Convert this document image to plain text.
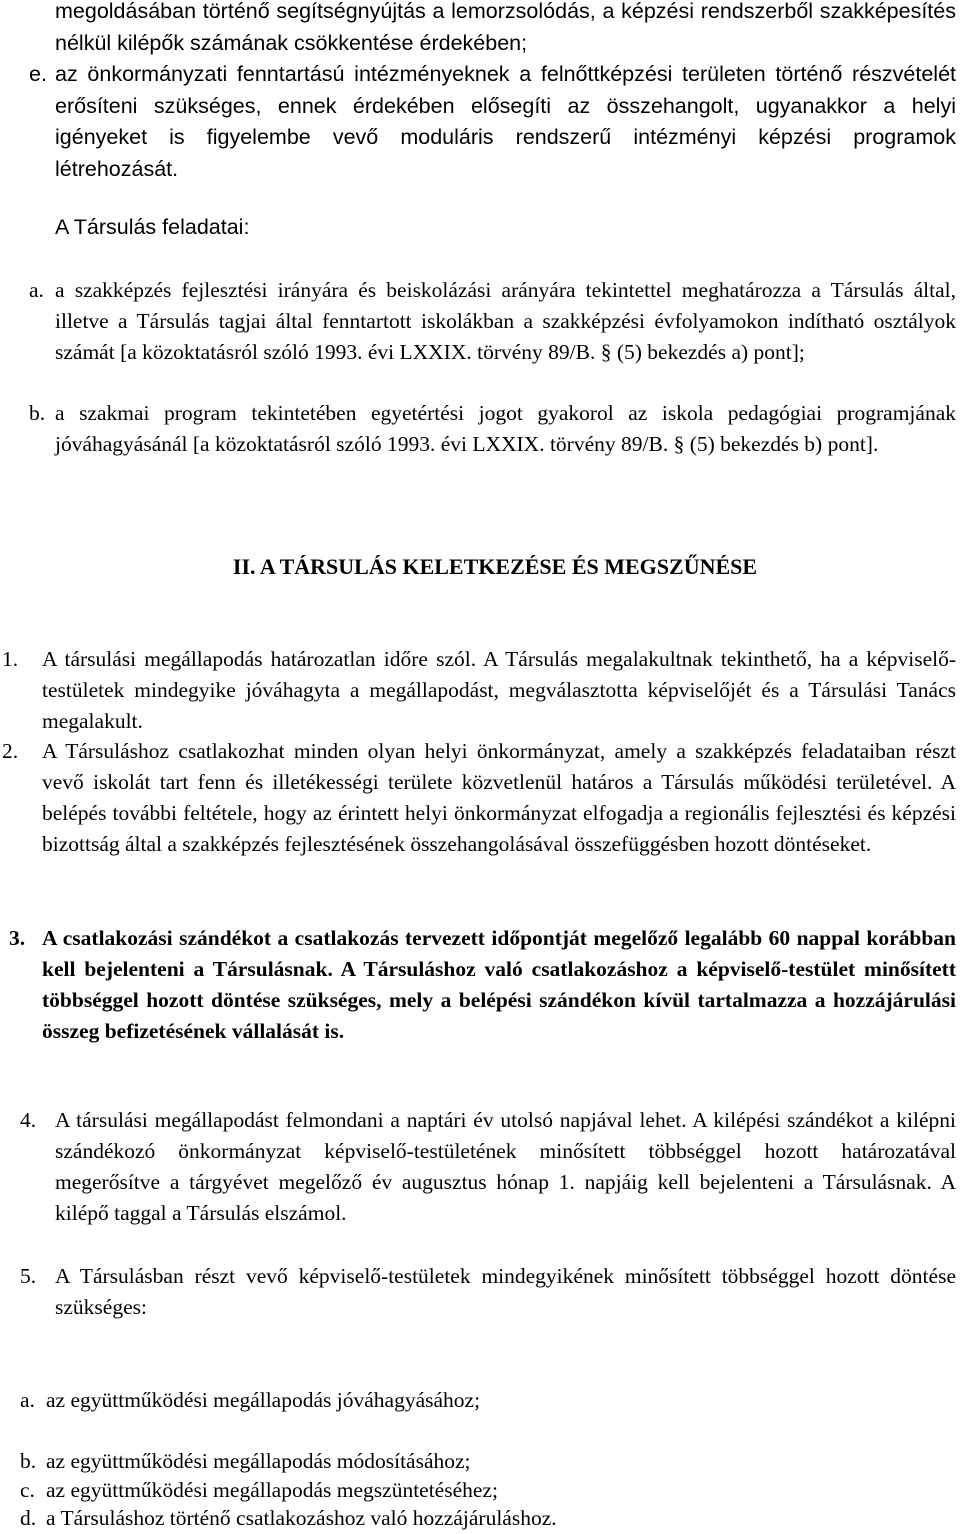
megoldásában történő segítségnyújtás a lemorzsolódás, a képzési rendszerből szakképesítés nélkül kilépők számának csökkentése érdekében;
e. az önkormányzati fenntartású intézményeknek a felnőttképzési területen történő részvételét erősíteni szükséges, ennek érdekében elősegíti az összehangolt, ugyanakkor a helyi igényeket is figyelembe vevő moduláris rendszerű intézményi képzési programok létrehozását.
A Társulás feladatai:
a. a szakképzés fejlesztési irányára és beiskolázási arányára tekintettel meghatározza a Társulás által, illetve a Társulás tagjai által fenntartott iskolákban a szakképzési évfolyamokon indítható osztályok számát [a közoktatásról szóló 1993. évi LXXIX. törvény 89/B. § (5) bekezdés a) pont];
b. a szakmai program tekintetében egyetértési jogot gyakorol az iskola pedagógiai programjának jóváhagyásánál [a közoktatásról szóló 1993. évi LXXIX. törvény 89/B. § (5) bekezdés b) pont].
II. A TÁRSULÁS KELETKEZÉSE ÉS MEGSZŰNÉSE
1.	A társulási megállapodás határozatlan időre szól. A Társulás megalakultnak tekinthető, ha a képviselő-testületek mindegyike jóváhagyta a megállapodást, megválasztotta képviselőjét és a Társulási Tanács megalakult.
2.	A Társuláshoz csatlakozhat minden olyan helyi önkormányzat, amely a szakképzés feladataiban részt vevő iskolát tart fenn és illetékességi területe közvetlenül határos a Társulás működési területével. A belépés további feltétele, hogy az érintett helyi önkormányzat elfogadja a regionális fejlesztési és képzési bizottság által a szakképzés fejlesztésének összehangolásával összefüggésben hozott döntéseket.
3. A csatlakozási szándékot a csatlakozás tervezett időpontját megelőző legalább 60 nappal korábban kell bejelenteni a Társulásnak. A Társuláshoz való csatlakozáshoz a képviselő-testület minősített többséggel hozott döntése szükséges, mely a belépési szándékon kívül tartalmazza a hozzájárulási összeg befizetésének vállalását is.
4. A társulási megállapodást felmondani a naptári év utolsó napjával lehet. A kilépési szándékot a kilépni szándékozó önkormányzat képviselő-testületének minősített többséggel hozott határozatával megerősítve a tárgyévet megelőző év augusztus hónap 1. napjáig kell bejelenteni a Társulásnak. A kilépő taggal a Társulás elszámol.
5. A Társulásban részt vevő képviselő-testületek mindegyikének minősített többséggel hozott döntése szükséges:
a. az együttműködési megállapodás jóváhagyásához;
b. az együttműködési megállapodás módosításához;
c. az együttműködési megállapodás megszüntetéséhez;
d. a Társuláshoz történő csatlakozáshoz való hozzájáruláshoz.
